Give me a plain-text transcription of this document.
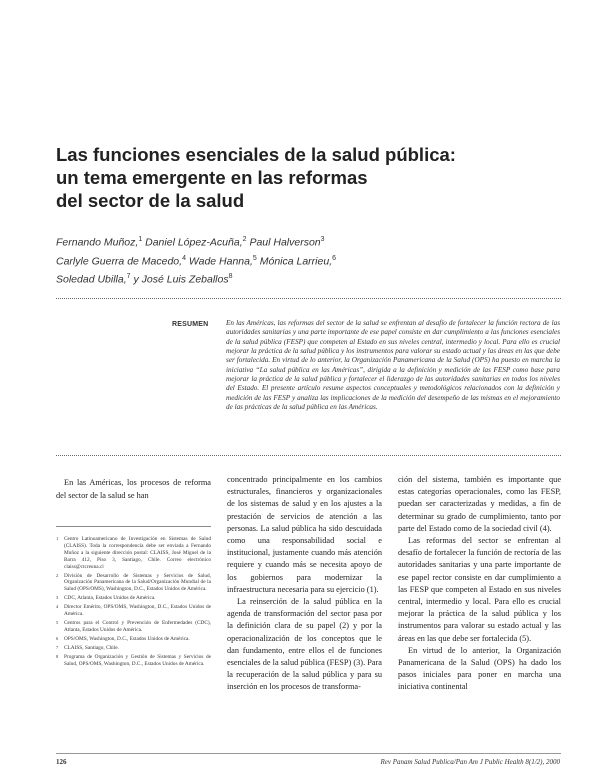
Las funciones esenciales de la salud pública:
un tema emergente en las reformas
del sector de la salud
Fernando Muñoz,$^1$ Daniel López-Acuña,$^2$ Paul Halverson$^3$
Carlyle Guerra de Macedo,$^4$ Wade Hanna,$^5$ Mónica Larrieu,$^6$
Soledad Ubilla,$^7$ y José Luis Zeballos$^8$
RESUMEN En las Américas, las reformas del sector de la salud se enfrentan al desafío de fortalecer la función rectora de las autoridades sanitarias y una parte importante de ese papel consiste en dar cumplimiento a las funciones esenciales de la salud pública (FESP) que competen al Estado en sus niveles central, intermedio y local. Para ello es crucial mejorar la práctica de la salud pública y los instrumentos para valorar su estado actual y las áreas en las que debe ser fortalecida. En virtud de lo anterior, la Organización Panamericana de la Salud (OPS) ha puesto en marcha la iniciativa “La salud pública en las Américas”, dirigida a la definición y medición de las FESP como base para mejorar la práctica de la salud pública y fortalecer el liderazgo de las autoridades sanitarias en todos los niveles del Estado. El presente artículo resume aspectos conceptuales y metodológicos relacionados con la definición y medición de las FESP y analiza las implicaciones de la medición del desempeño de las mismas en el mejoramiento de las prácticas de la salud pública en las Américas.

En las Américas, los procesos de reforma del sector de la salud se han

1	Centro Latinoamericano de Investigación en Sistemas de Salud (CLAISS). Toda la correspondencia debe ser enviada a Fernando Muñoz a la siguiente dirección postal: CLAISS, José Miguel de la Barra 412, Piso 3, Santiago, Chile. Correo electrónico claiss@ctcreuna.cl
2	División de Desarrollo de Sistemas y Servicios de Salud, Organización Panamericana de la Salud/Organización Mundial de la Salud (OPS/OMS), Washington, D.C., Estados Unidos de América.
3	CDC, Atlanta, Estados Unidos de América.
4	Director Emérito, OPS/OMS, Washington, D.C., Estados Unidos de América.
5	Centros para el Control y Prevención de Enfermedades (CDC), Atlanta, Estados Unidos de América.
6	OPS/OMS, Washington, D.C., Estados Unidos de América.
7	CLAISS, Santiago, Chile.
8	Programa de Organización y Gestión de Sistemas y Servicios de Salud, OPS/OMS, Washington, D.C., Estados Unidos de América.

concentrado principalmente en los cambios estructurales, financieros y organizacionales de los sistemas de salud y en los ajustes a la prestación de servicios de atención a las personas. La salud pública ha sido descuidada como una responsabilidad social e institucional, justamente cuando más atención requiere y cuando más se necesita apoyo de los gobiernos para modernizar la infraestructura necesaria para su ejercicio (1).

La reinserción de la salud pública en la agenda de transformación del sector pasa por la definición clara de su papel (2) y por la operacionalización de los conceptos que le dan fundamento, entre ellos el de funciones esenciales de la salud pública (FESP) (3). Para la recuperación de la salud pública y para su inserción en los procesos de transforma-

ción del sistema, también es importante que estas categorías operacionales, como las FESP, puedan ser caracterizadas y medidas, a fin de determinar su grado de cumplimiento, tanto por parte del Estado como de la sociedad civil (4).

Las reformas del sector se enfrentan al desafío de fortalecer la función de rectoría de las autoridades sanitarias y una parte importante de ese papel rector consiste en dar cumplimiento a las FESP que competen al Estado en sus niveles central, intermedio y local. Para ello es crucial mejorar la práctica de la salud pública y los instrumentos para valorar su estado actual y las áreas en las que debe ser fortalecida (5).

En virtud de lo anterior, la Organización Panamericana de la Salud (OPS) ha dado los pasos iniciales para poner en marcha una iniciativa continental

126	Rev Panam Salud Publica/Pan Am J Public Health 8(1/2), 2000
